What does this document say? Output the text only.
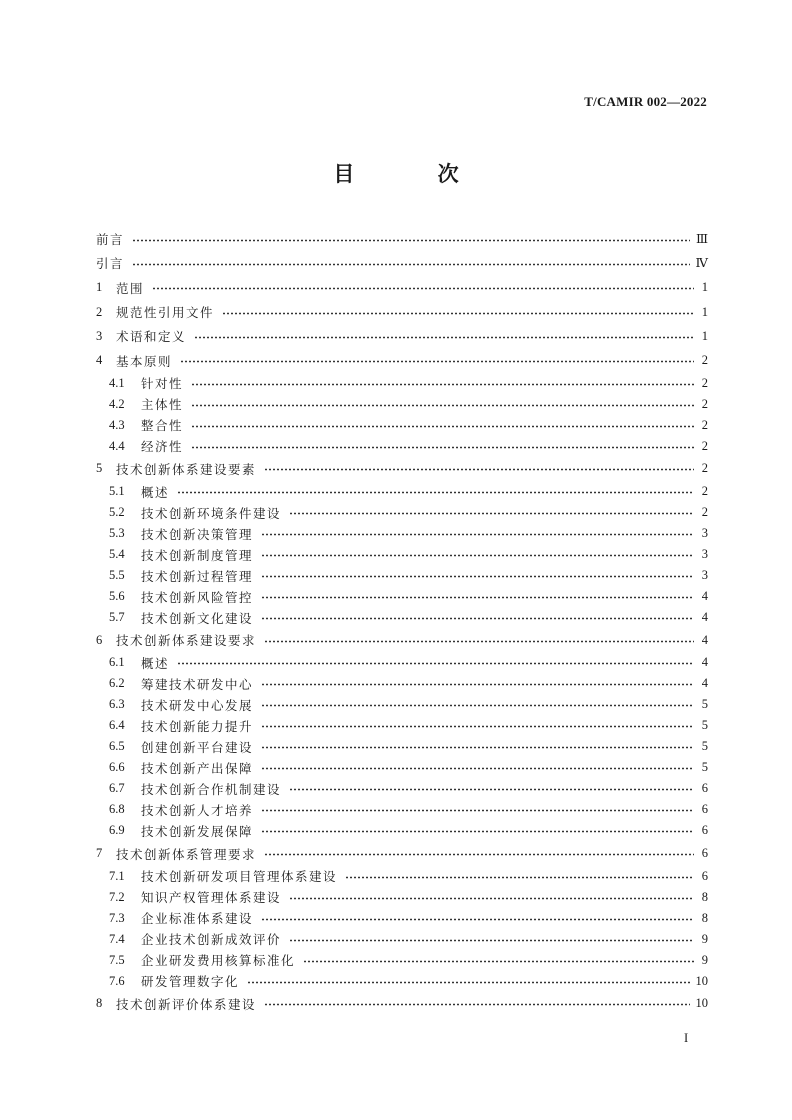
T/CAMIR 002—2022
目 次
前言	Ⅲ
引言	Ⅳ
1	范围	1
2	规范性引用文件	1
3	术语和定义	1
4	基本原则	2
4.1	针对性	2
4.2	主体性	2
4.3	整合性	2
4.4	经济性	2
5	技术创新体系建设要素	2
5.1	概述	2
5.2	技术创新环境条件建设	2
5.3	技术创新决策管理	3
5.4	技术创新制度管理	3
5.5	技术创新过程管理	3
5.6	技术创新风险管控	4
5.7	技术创新文化建设	4
6	技术创新体系建设要求	4
6.1	概述	4
6.2	筹建技术研发中心	4
6.3	技术研发中心发展	5
6.4	技术创新能力提升	5
6.5	创建创新平台建设	5
6.6	技术创新产出保障	5
6.7	技术创新合作机制建设	6
6.8	技术创新人才培养	6
6.9	技术创新发展保障	6
7	技术创新体系管理要求	6
7.1	技术创新研发项目管理体系建设	6
7.2	知识产权管理体系建设	8
7.3	企业标准体系建设	8
7.4	企业技术创新成效评价	9
7.5	企业研发费用核算标准化	9
7.6	研发管理数字化	10
8	技术创新评价体系建设	10
I
